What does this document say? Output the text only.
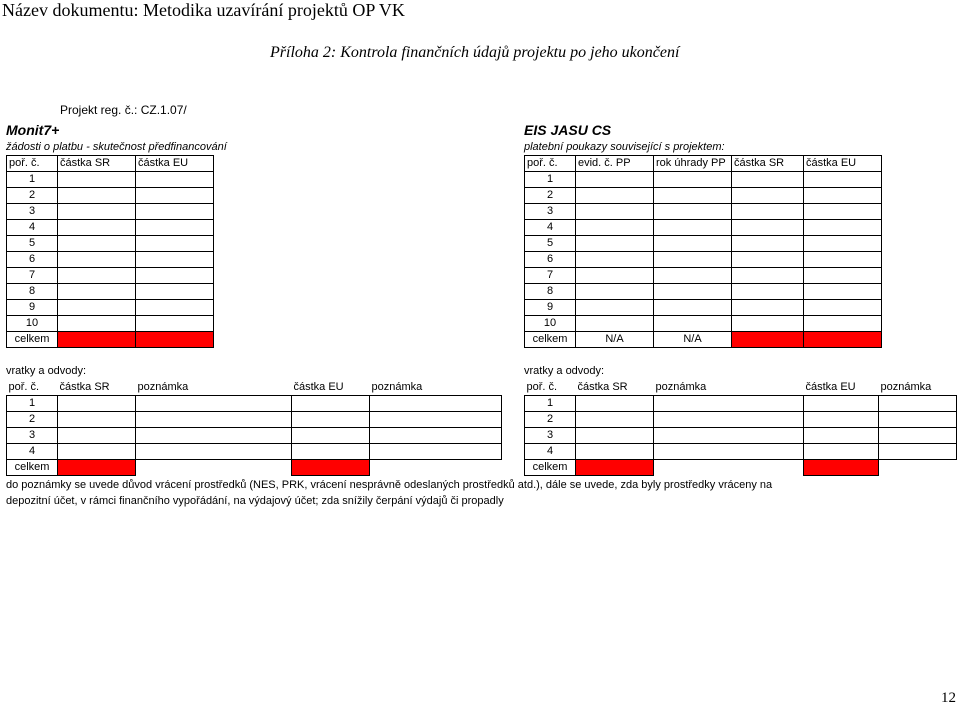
Název dokumentu: Metodika uzavírání projektů OP VK
Příloha 2: Kontrola finančních údajů projektu po jeho ukončení
Projekt reg. č.: CZ.1.07/
Monit7+
žádosti o platbu - skutečnost předfinancování
EIS JASU CS
platební poukazy související s projektem:
poř. č.	částka SR	částka EU
1		
2		
3		
4		
5		
6		
7		
8		
9		
10		
celkem		
poř. č.	evid. č. PP	rok úhrady PP	částka SR	částka EU
1				
2				
3				
4				
5				
6				
7				
8				
9				
10				
celkem	N/A	N/A		
vratky a odvody:	vratky a odvody:
poř. č.	částka SR	poznámka	částka EU	poznámka
1				
2				
3				
4				
celkem				
poř. č.	částka SR	poznámka	částka EU	poznámka
1				
2				
3				
4				
celkem				
do poznámky se uvede důvod vrácení prostředků (NES, PRK, vrácení nesprávně odeslaných prostředků atd.), dále se uvede, zda byly prostředky vráceny na
depozitní účet, v rámci finančního vypořádání, na výdajový účet; zda snížily čerpání výdajů či propadly
12
